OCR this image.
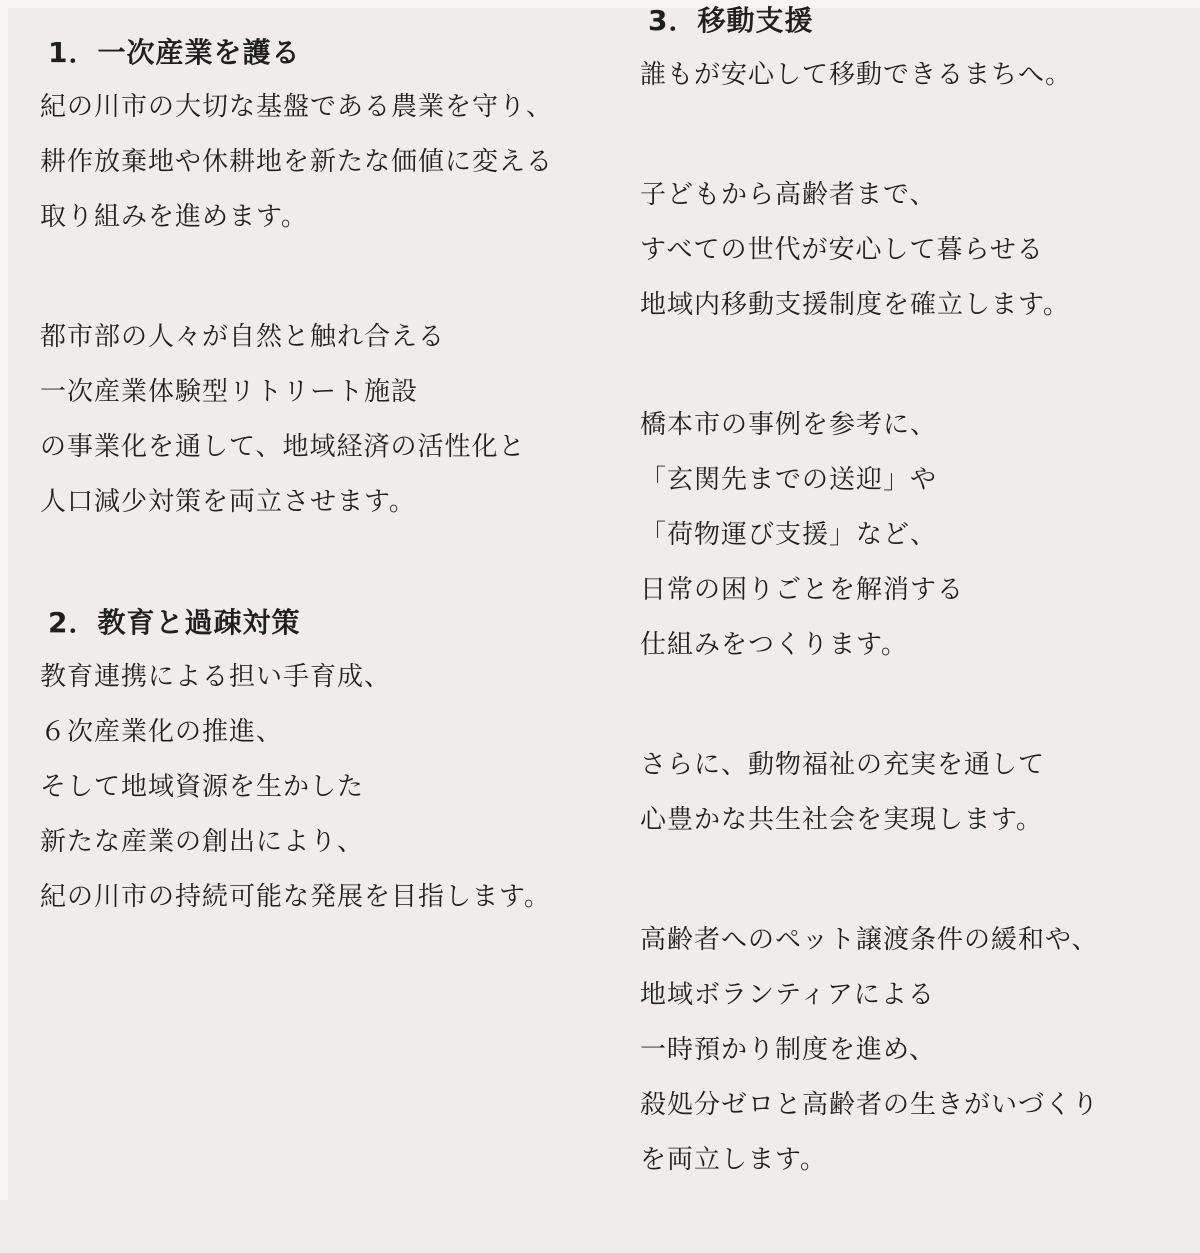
1．一次産業を護る

紀の川市の大切な基盤である農業を守り、

耕作放棄地や休耕地を新たな価値に変える

取り組みを進めます。

都市部の人々が自然と触れ合える

一次産業体験型リトリート施設

の事業化を通して、地域経済の活性化と

人口減少対策を両立させます。

2．教育と過疎対策

教育連携による担い手育成、

６次産業化の推進、

そして地域資源を生かした

新たな産業の創出により、

紀の川市の持続可能な発展を目指します。

3．移動支援

誰もが安心して移動できるまちへ。

子どもから高齢者まで、

すべての世代が安心して暮らせる

地域内移動支援制度を確立します。

橋本市の事例を参考に、

「玄関先までの送迎」や

「荷物運び支援」など、

日常の困りごとを解消する

仕組みをつくります。

さらに、動物福祉の充実を通して

心豊かな共生社会を実現します。

高齢者へのペット譲渡条件の緩和や、

地域ボランティアによる

一時預かり制度を進め、

殺処分ゼロと高齢者の生きがいづくり

を両立します。
